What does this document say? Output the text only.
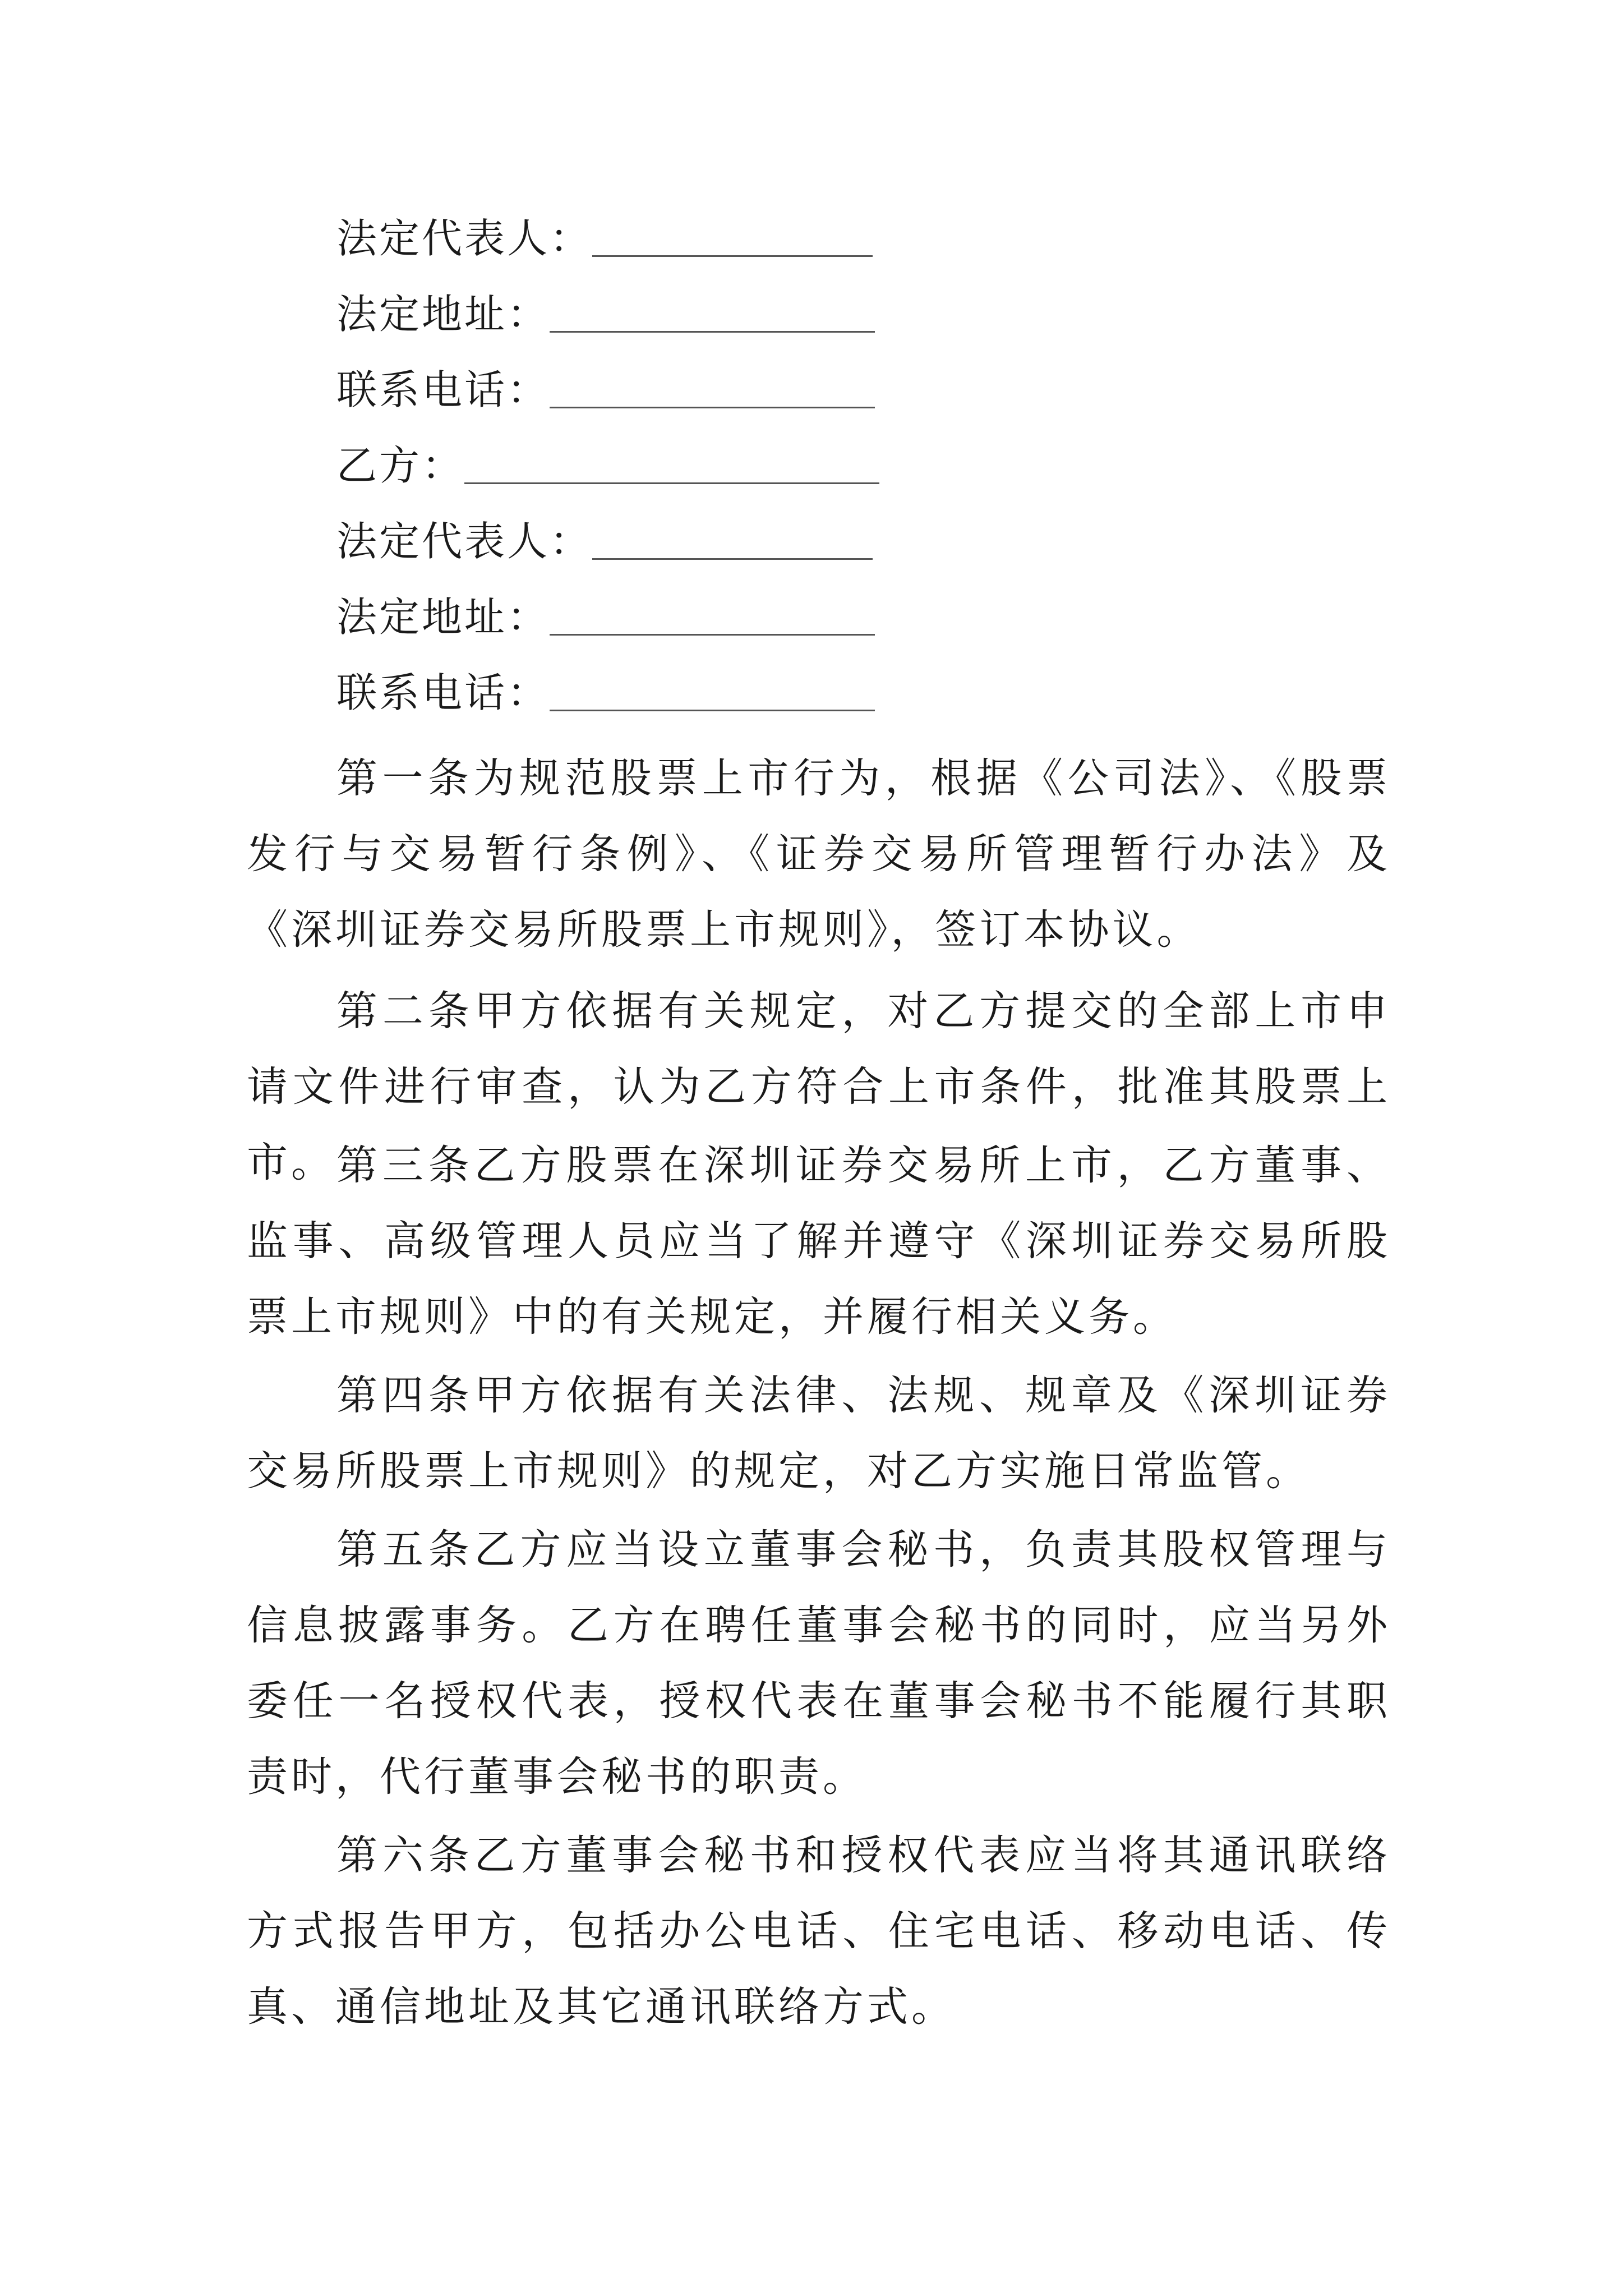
法定代表人：
法定地址：
联系电话：
乙方：
法定代表人：
法定地址：
联系电话：

第一条为规范股票上市行为，根据《公司法》、《股票发行与交易暂行条例》、《证券交易所管理暂行办法》及《深圳证券交易所股票上市规则》，签订本协议。

第二条甲方依据有关规定，对乙方提交的全部上市申请文件进行审查，认为乙方符合上市条件，批准其股票上市。 第三条乙方股票在深圳证券交易所上市，乙方董事、监事、高级管理人员应当了解并遵守《深圳证券交易所股票上市规则》中的有关规定，并履行相关义务。

第四条甲方依据有关法律、法规、规章及《深圳证券交易所股票上市规则》的规定，对乙方实施日常监管。

第五条乙方应当设立董事会秘书，负责其股权管理与信息披露事务。乙方在聘任董事会秘书的同时，应当另外委任一名授权代表，授权代表在董事会秘书不能履行其职责时，代行董事会秘书的职责。

第六条乙方董事会秘书和授权代表应当将其通讯联络方式报告甲方，包括办公电话、住宅电话、移动电话、传真、通信地址及其它通讯联络方式。
